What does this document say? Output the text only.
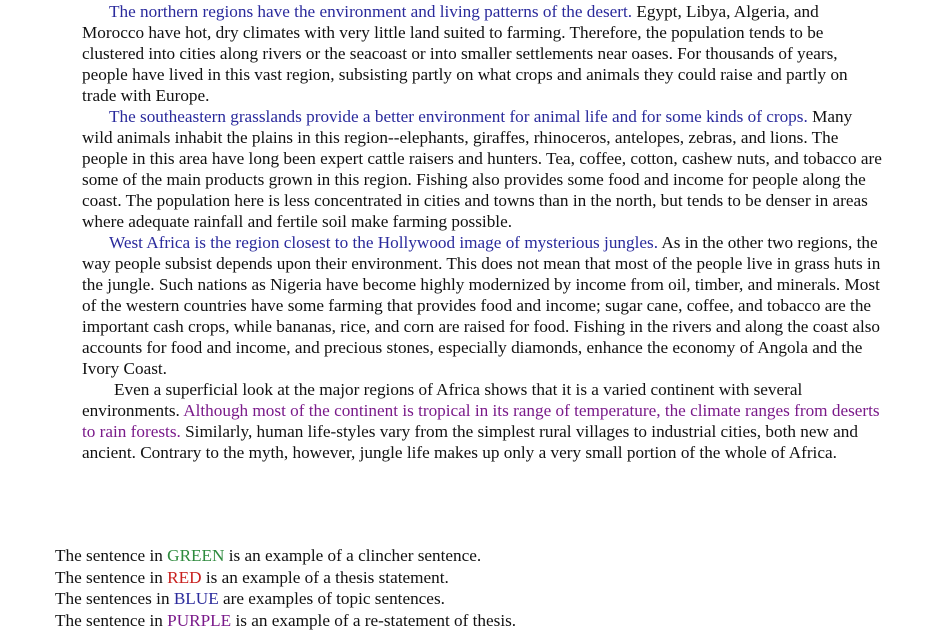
The northern regions have the environment and living patterns of the desert. Egypt, Libya, Algeria, and Morocco have hot, dry climates with very little land suited to farming. Therefore, the population tends to be clustered into cities along rivers or the seacoast or into smaller settlements near oases. For thousands of years, people have lived in this vast region, subsisting partly on what crops and animals they could raise and partly on trade with Europe.

The southeastern grasslands provide a better environment for animal life and for some kinds of crops. Many wild animals inhabit the plains in this region--elephants, giraffes, rhinoceros, antelopes, zebras, and lions. The people in this area have long been expert cattle raisers and hunters. Tea, coffee, cotton, cashew nuts, and tobacco are some of the main products grown in this region. Fishing also provides some food and income for people along the coast. The population here is less concentrated in cities and towns than in the north, but tends to be denser in areas where adequate rainfall and fertile soil make farming possible.

West Africa is the region closest to the Hollywood image of mysterious jungles. As in the other two regions, the way people subsist depends upon their environment. This does not mean that most of the people live in grass huts in the jungle. Such nations as Nigeria have become highly modernized by income from oil, timber, and minerals. Most of the western countries have some farming that provides food and income; sugar cane, coffee, and tobacco are the important cash crops, while bananas, rice, and corn are raised for food. Fishing in the rivers and along the coast also accounts for food and income, and precious stones, especially diamonds, enhance the economy of Angola and the Ivory Coast.

Even a superficial look at the major regions of Africa shows that it is a varied continent with several environments. Although most of the continent is tropical in its range of temperature, the climate ranges from deserts to rain forests. Similarly, human life-styles vary from the simplest rural villages to industrial cities, both new and ancient. Contrary to the myth, however, jungle life makes up only a very small portion of the whole of Africa.

The sentence in GREEN is an example of a clincher sentence.
The sentence in RED is an example of a thesis statement.
The sentences in BLUE are examples of topic sentences.
The sentence in PURPLE is an example of a re-statement of thesis.
